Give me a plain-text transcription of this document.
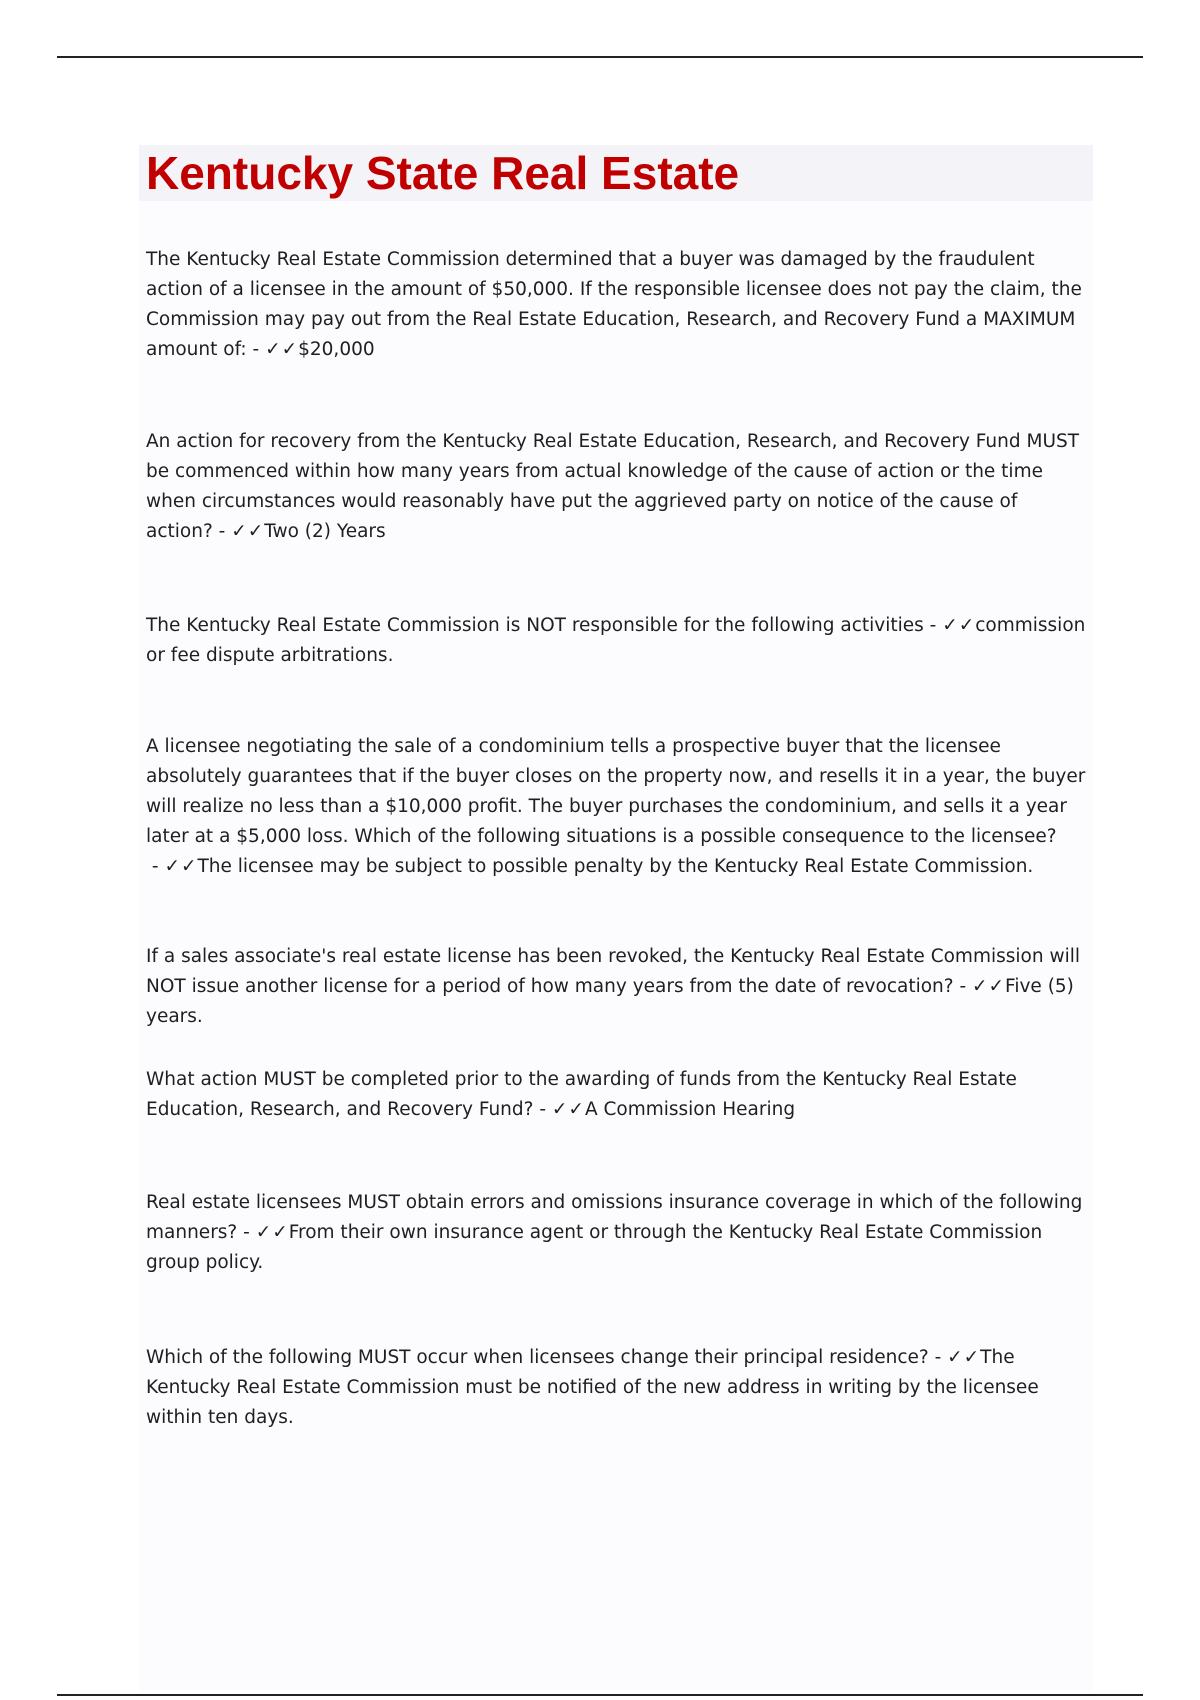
Kentucky State Real Estate

The Kentucky Real Estate Commission determined that a buyer was damaged by the fraudulent action of a licensee in the amount of $50,000. If the responsible licensee does not pay the claim, the Commission may pay out from the Real Estate Education, Research, and Recovery Fund a MAXIMUM amount of: - ✓✓$20,000

An action for recovery from the Kentucky Real Estate Education, Research, and Recovery Fund MUST be commenced within how many years from actual knowledge of the cause of action or the time when circumstances would reasonably have put the aggrieved party on notice of the cause of action? - ✓✓Two (2) Years

The Kentucky Real Estate Commission is NOT responsible for the following activities - ✓✓commission or fee dispute arbitrations.

A licensee negotiating the sale of a condominium tells a prospective buyer that the licensee absolutely guarantees that if the buyer closes on the property now, and resells it in a year, the buyer will realize no less than a $10,000 profit. The buyer purchases the condominium, and sells it a year later at a $5,000 loss. Which of the following situations is a possible consequence to the licensee? - ✓✓The licensee may be subject to possible penalty by the Kentucky Real Estate Commission.

If a sales associate's real estate license has been revoked, the Kentucky Real Estate Commission will NOT issue another license for a period of how many years from the date of revocation? - ✓✓Five (5) years.

What action MUST be completed prior to the awarding of funds from the Kentucky Real Estate Education, Research, and Recovery Fund? - ✓✓A Commission Hearing

Real estate licensees MUST obtain errors and omissions insurance coverage in which of the following manners? - ✓✓From their own insurance agent or through the Kentucky Real Estate Commission group policy.

Which of the following MUST occur when licensees change their principal residence? - ✓✓The Kentucky Real Estate Commission must be notified of the new address in writing by the licensee within ten days.
